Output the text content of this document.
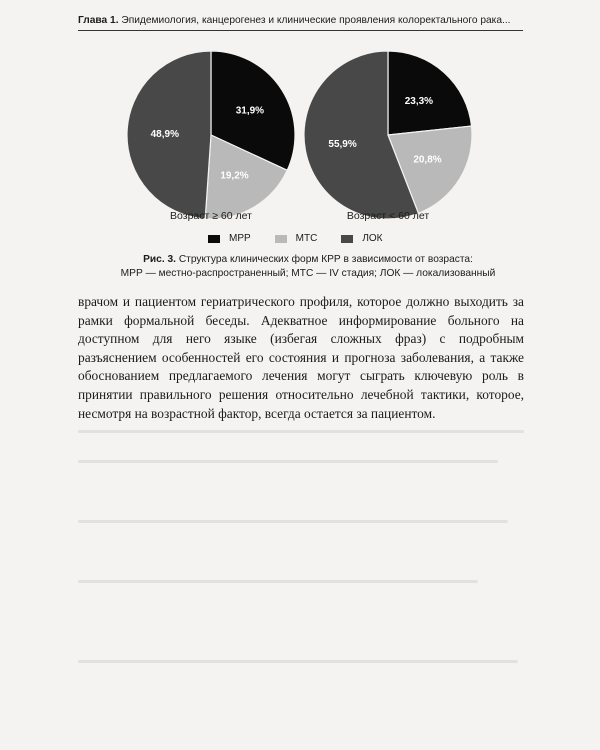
Глава 1. Эпидемиология, канцерогенез и клинические проявления колоректального рака...
31,9%
19,2%
48,9%
23,3%
20,8%
55,9%
Возраст ≥ 60 лет	Возраст < 60 лет
МРР	МТС	ЛОК
Рис. 3. Структура клинических форм КРР в зависимости от возраста:
МРР — местно-распространенный; МТС — IV стадия; ЛОК — локализованный
врачом и пациентом гериатрического профиля, которое должно выходить за рамки формальной беседы. Адекватное информирование больного на доступном для него языке (избегая сложных фраз) с подробным разъяснением особенностей его состояния и прогноза заболевания, а также обоснованием предлагаемого лечения могут сыграть ключевую роль в принятии правильного решения относительно лечебной тактики, которое, несмотря на возрастной фактор, всегда остается за пациентом.
